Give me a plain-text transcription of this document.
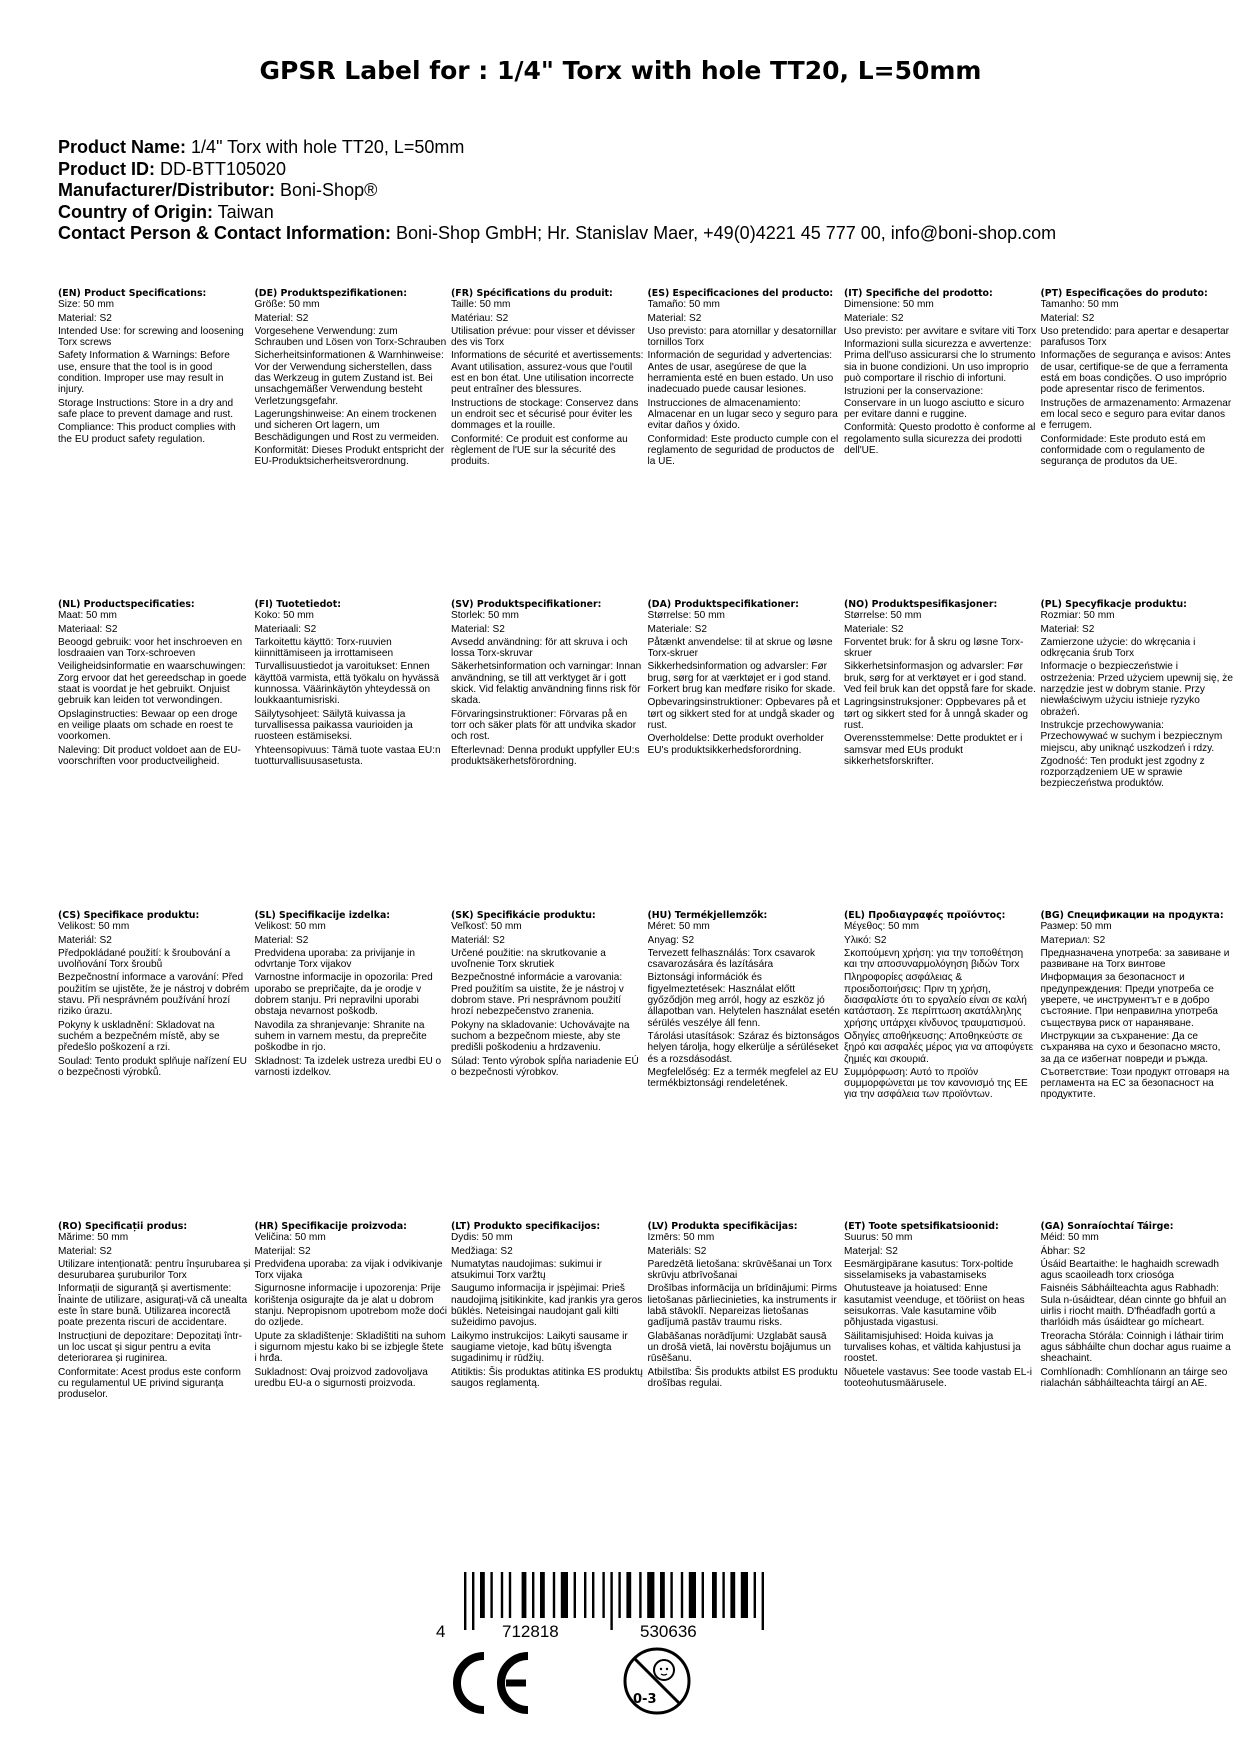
GPSR Label for : 1/4" Torx with hole TT20, L=50mm
Product Name: 1/4" Torx with hole TT20, L=50mm
Product ID: DD-BTT105020
Manufacturer/Distributor: Boni-Shop®
Country of Origin: Taiwan
Contact Person & Contact Information: Boni-Shop GmbH; Hr. Stanislav Maer, +49(0)4221 45 777 00, info@boni-shop.com
(EN) Product Specifications:

Size: 50 mm

Material: S2

Intended Use: for screwing and loosening Torx screws

Safety Information & Warnings: Before use, ensure that the tool is in good condition. Improper use may result in injury.

Storage Instructions: Store in a dry and safe place to prevent damage and rust.

Compliance: This product complies with the EU product safety regulation.

(DE) Produktspezifikationen:

Größe: 50 mm

Material: S2

Vorgesehene Verwendung: zum Schrauben und Lösen von Torx-Schrauben

Sicherheitsinformationen & Warnhinweise: Vor der Verwendung sicherstellen, dass das Werkzeug in gutem Zustand ist. Bei unsachgemäßer Verwendung besteht Verletzungsgefahr.

Lagerungshinweise: An einem trockenen und sicheren Ort lagern, um Beschädigungen und Rost zu vermeiden.

Konformität: Dieses Produkt entspricht der EU-Produktsicherheitsverordnung.

(FR) Spécifications du produit:

Taille: 50 mm

Matériau: S2

Utilisation prévue: pour visser et dévisser des vis Torx

Informations de sécurité et avertissements: Avant utilisation, assurez-vous que l'outil est en bon état. Une utilisation incorrecte peut entraîner des blessures.

Instructions de stockage: Conservez dans un endroit sec et sécurisé pour éviter les dommages et la rouille.

Conformité: Ce produit est conforme au règlement de l'UE sur la sécurité des produits.

(ES) Especificaciones del producto:

Tamaño: 50 mm

Material: S2

Uso previsto: para atornillar y desatornillar tornillos Torx

Información de seguridad y advertencias: Antes de usar, asegúrese de que la herramienta esté en buen estado. Un uso inadecuado puede causar lesiones.

Instrucciones de almacenamiento: Almacenar en un lugar seco y seguro para evitar daños y óxido.

Conformidad: Este producto cumple con el reglamento de seguridad de productos de la UE.

(IT) Specifiche del prodotto:

Dimensione: 50 mm

Materiale: S2

Uso previsto: per avvitare e svitare viti Torx

Informazioni sulla sicurezza e avvertenze: Prima dell'uso assicurarsi che lo strumento sia in buone condizioni. Un uso improprio può comportare il rischio di infortuni.

Istruzioni per la conservazione: Conservare in un luogo asciutto e sicuro per evitare danni e ruggine.

Conformità: Questo prodotto è conforme al regolamento sulla sicurezza dei prodotti dell'UE.

(PT) Especificações do produto:

Tamanho: 50 mm

Material: S2

Uso pretendido: para apertar e desapertar parafusos Torx

Informações de segurança e avisos: Antes de usar, certifique-se de que a ferramenta está em boas condições. O uso impróprio pode apresentar risco de ferimentos.

Instruções de armazenamento: Armazenar em local seco e seguro para evitar danos e ferrugem.

Conformidade: Este produto está em conformidade com o regulamento de segurança de produtos da UE.

(NL) Productspecificaties:

Maat: 50 mm

Materiaal: S2

Beoogd gebruik: voor het inschroeven en losdraaien van Torx-schroeven

Veiligheidsinformatie en waarschuwingen: Zorg ervoor dat het gereedschap in goede staat is voordat je het gebruikt. Onjuist gebruik kan leiden tot verwondingen.

Opslaginstructies: Bewaar op een droge en veilige plaats om schade en roest te voorkomen.

Naleving: Dit product voldoet aan de EU-voorschriften voor productveiligheid.

(FI) Tuotetiedot:

Koko: 50 mm

Materiaali: S2

Tarkoitettu käyttö: Torx-ruuvien kiinnittämiseen ja irrottamiseen

Turvallisuustiedot ja varoitukset: Ennen käyttöä varmista, että työkalu on hyvässä kunnossa. Väärinkäytön yhteydessä on loukkaantumisriski.

Säilytysohjeet: Säilytä kuivassa ja turvallisessa paikassa vaurioiden ja ruosteen estämiseksi.

Yhteensopivuus: Tämä tuote vastaa EU:n tuotturvallisuusasetusta.

(SV) Produktspecifikationer:

Storlek: 50 mm

Material: S2

Avsedd användning: för att skruva i och lossa Torx-skruvar

Säkerhetsinformation och varningar: Innan användning, se till att verktyget är i gott skick. Vid felaktig användning finns risk för skada.

Förvaringsinstruktioner: Förvaras på en torr och säker plats för att undvika skador och rost.

Efterlevnad: Denna produkt uppfyller EU:s produktsäkerhetsförordning.

(DA) Produktspecifikationer:

Størrelse: 50 mm

Materiale: S2

Påtænkt anvendelse: til at skrue og løsne Torx-skruer

Sikkerhedsinformation og advarsler: Før brug, sørg for at værktøjet er i god stand. Forkert brug kan medføre risiko for skade.

Opbevaringsinstruktioner: Opbevares på et tørt og sikkert sted for at undgå skader og rust.

Overholdelse: Dette produkt overholder EU's produktsikkerhedsforordning.

(NO) Produktspesifikasjoner:

Størrelse: 50 mm

Materiale: S2

Forventet bruk: for å skru og løsne Torx-skruer

Sikkerhetsinformasjon og advarsler: Før bruk, sørg for at verktøyet er i god stand. Ved feil bruk kan det oppstå fare for skade.

Lagringsinstruksjoner: Oppbevares på et tørt og sikkert sted for å unngå skader og rust.

Overensstemmelse: Dette produktet er i samsvar med EUs produkt sikkerhetsforskrifter.

(PL) Specyfikacje produktu:

Rozmiar: 50 mm

Materiał: S2

Zamierzone użycie: do wkręcania i odkręcania śrub Torx

Informacje o bezpieczeństwie i ostrzeżenia: Przed użyciem upewnij się, że narzędzie jest w dobrym stanie. Przy niewłaściwym użyciu istnieje ryzyko obrażeń.

Instrukcje przechowywania: Przechowywać w suchym i bezpiecznym miejscu, aby uniknąć uszkodzeń i rdzy.

Zgodność: Ten produkt jest zgodny z rozporządzeniem UE w sprawie bezpieczeństwa produktów.

(CS) Specifikace produktu:

Velikost: 50 mm

Materiál: S2

Předpokládané použití: k šroubování a uvolňování Torx šroubů

Bezpečnostní informace a varování: Před použitím se ujistěte, že je nástroj v dobrém stavu. Při nesprávném používání hrozí riziko úrazu.

Pokyny k uskladnění: Skladovat na suchém a bezpečném místě, aby se předešlo poškození a rzi.

Soulad: Tento produkt splňuje nařízení EU o bezpečnosti výrobků.

(SL) Specifikacije izdelka:

Velikost: 50 mm

Material: S2

Predvidena uporaba: za privijanje in odvrtanje Torx vijakov

Varnostne informacije in opozorila: Pred uporabo se prepričajte, da je orodje v dobrem stanju. Pri nepravilni uporabi obstaja nevarnost poškodb.

Navodila za shranjevanje: Shranite na suhem in varnem mestu, da preprečite poškodbe in rjo.

Skladnost: Ta izdelek ustreza uredbi EU o varnosti izdelkov.

(SK) Špecifikácie produktu:

Veľkosť: 50 mm

Materiál: S2

Určené použitie: na skrutkovanie a uvoľnenie Torx skrutiek

Bezpečnostné informácie a varovania: Pred použitím sa uistite, že je nástroj v dobrom stave. Pri nesprávnom použití hrozí nebezpečenstvo zranenia.

Pokyny na skladovanie: Uchovávajte na suchom a bezpečnom mieste, aby ste predišli poškodeniu a hrdzaveniu.

Súlad: Tento výrobok spĺňa nariadenie EÚ o bezpečnosti výrobkov.

(HU) Termékjellemzők:

Méret: 50 mm

Anyag: S2

Tervezett felhasználás: Torx csavarok csavarozására és lazítására

Biztonsági információk és figyelmeztetések: Használat előtt győződjön meg arról, hogy az eszköz jó állapotban van. Helytelen használat esetén sérülés veszélye áll fenn.

Tárolási utasítások: Száraz és biztonságos helyen tárolja, hogy elkerülje a sérüléseket és a rozsdásodást.

Megfelelőség: Ez a termék megfelel az EU termékbiztonsági rendeletének.

(EL) Προδιαγραφές προϊόντος:

Μέγεθος: 50 mm

Υλικό: S2

Σκοπούμενη χρήση: για την τοποθέτηση και την αποσυναρμολόγηση βιδών Torx

Πληροφορίες ασφάλειας & προειδοποιήσεις: Πριν τη χρήση, διασφαλίστε ότι το εργαλείο είναι σε καλή κατάσταση. Σε περίπτωση ακατάλληλης χρήσης υπάρχει κίνδυνος τραυματισμού.

Οδηγίες αποθήκευσης: Αποθηκεύστε σε ξηρό και ασφαλές μέρος για να αποφύγετε ζημιές και σκουριά.

Συμμόρφωση: Αυτό το προϊόν συμμορφώνεται με τον κανονισμό της ΕΕ για την ασφάλεια των προϊόντων.

(BG) Спецификации на продукта:

Размер: 50 mm

Материал: S2

Предназначена употреба: за завиване и развиване на Torx винтове

Информация за безопасност и предупреждения: Преди употреба се уверете, че инструментът е в добро състояние. При неправилна употреба съществува риск от нараняване.

Инструкции за съхранение: Да се съхранява на сухо и безопасно място, за да се избегнат повреди и ръжда.

Съответствие: Този продукт отговаря на регламента на ЕС за безопасност на продуктите.

(RO) Specificații produs:

Mărime: 50 mm

Material: S2

Utilizare intenționată: pentru înșurubarea și desurubarea șuruburilor Torx

Informații de siguranță și avertismente: Înainte de utilizare, asigurați-vă că unealta este în stare bună. Utilizarea incorectă poate prezenta riscuri de accidentare.

Instrucțiuni de depozitare: Depozitați într-un loc uscat și sigur pentru a evita deteriorarea și ruginirea.

Conformitate: Acest produs este conform cu regulamentul UE privind siguranța produselor.

(HR) Specifikacije proizvoda:

Veličina: 50 mm

Materijal: S2

Predviđena uporaba: za vijak i odvikivanje Torx vijaka

Sigurnosne informacije i upozorenja: Prije korištenja osigurajte da je alat u dobrom stanju. Nepropisnom upotrebom može doći do ozljede.

Upute za skladištenje: Skladištiti na suhom i sigurnom mjestu kako bi se izbjegle štete i hrđa.

Sukladnost: Ovaj proizvod zadovoljava uredbu EU-a o sigurnosti proizvoda.

(LT) Produkto specifikacijos:

Dydis: 50 mm

Medžiaga: S2

Numatytas naudojimas: sukimui ir atsukimui Torx varžtų

Saugumo informacija ir įspėjimai: Prieš naudojimą įsitikinkite, kad įrankis yra geros būklės. Neteisingai naudojant gali kilti sužeidimo pavojus.

Laikymo instrukcijos: Laikyti sausame ir saugiame vietoje, kad būtų išvengta sugadinimų ir rūdžių.

Atitiktis: Šis produktas atitinka ES produktų saugos reglamentą.

(LV) Produkta specifikācijas:

Izmērs: 50 mm

Materiāls: S2

Paredzētā lietošana: skrūvēšanai un Torx skrūvju atbrīvošanai

Drošības informācija un brīdinājumi: Pirms lietošanas pārliecinieties, ka instruments ir labā stāvoklī. Nepareizas lietošanas gadījumā pastāv traumu risks.

Glabāšanas norādījumi: Uzglabāt sausā un drošā vietā, lai novērstu bojājumus un rūsēšanu.

Atbilstība: Šis produkts atbilst ES produktu drošības regulai.

(ET) Toote spetsifikatsioonid:

Suurus: 50 mm

Materjal: S2

Eesmärgipärane kasutus: Torx-poltide sisselamiseks ja vabastamiseks

Ohutusteave ja hoiatused: Enne kasutamist veenduge, et tööriist on heas seisukorras. Vale kasutamine võib põhjustada vigastusi.

Säilitamisjuhised: Hoida kuivas ja turvalises kohas, et vältida kahjustusi ja roostet.

Nõuetele vastavus: See toode vastab EL-i tooteohutusmäärusele.

(GA) Sonraíochtaí Táirge:

Méid: 50 mm

Ábhar: S2

Úsáid Beartaithe: le haghaidh screwadh agus scaoileadh torx criosóga

Faisnéis Sábháilteachta agus Rabhadh: Sula n-úsáidtear, déan cinnte go bhfuil an uirlis i riocht maith. D'fhéadfadh gortú a tharlóidh más úsáidtear go mícheart.

Treoracha Stórála: Coinnigh i láthair tirim agus sábháilte chun dochar agus ruaime a sheachaint.

Comhlíonadh: Comhlíonann an táirge seo rialachán sábháilteachta táirgí an AE.

4	712818	530636
0-3
